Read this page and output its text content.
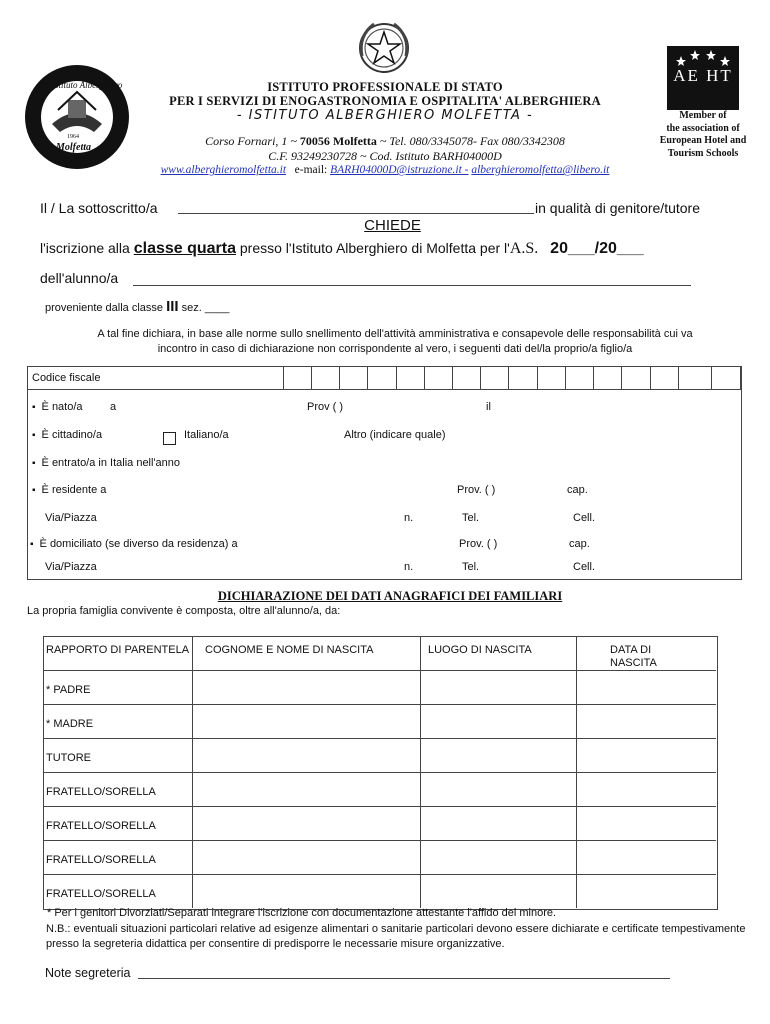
Istituto Alberghiero
Molfetta
1964
AE HT
Member of
the association of
European Hotel and
Tourism Schools
ISTITUTO PROFESSIONALE DI STATO
PER I SERVIZI DI ENOGASTRONOMIA E OSPITALITA' ALBERGHIERA
- ISTITUTO ALBERGHIERO MOLFETTA -
Corso Fornari, 1 ~ 70056 Molfetta ~ Tel. 080/3345078- Fax 080/3342308
C.F. 93249230728 ~ Cod. Istituto BARH04000D
www.alberghieromolfetta.it e-mail: BARH04000D@istruzione.it - alberghieromolfetta@libero.it
Il / La sottoscritto/a	in qualità di genitore/tutore
CHIEDE
l'iscrizione alla classe quarta presso l'Istituto Alberghiero di Molfetta per l'A.S. 20___/20___
dell'alunno/a
proveniente dalla classe III sez. ____
A tal fine dichiara, in base alle norme sullo snellimento dell'attività amministrativa e consapevole delle responsabilità cui va incontro in caso di dichiarazione non corrispondente al vero, i seguenti dati del/la proprio/a figlio/a
Codice fiscale
▪ È nato/a a	Prov ( )	il
▪ È cittadino/a	Italiano/a	Altro (indicare quale)
▪ È entrato/a in Italia nell'anno
▪ È residente a	Prov. ( )	cap.
Via/Piazza	n.	Tel.	Cell.
▪ È domiciliato (se diverso da residenza) a	Prov. ( )	cap.
Via/Piazza	n.	Tel.	Cell.
DICHIARAZIONE DEI DATI ANAGRAFICI DEI FAMILIARI
La propria famiglia convivente è composta, oltre all'alunno/a, da:
RAPPORTO DI PARENTELA COGNOME E NOME DI NASCITA	LUOGO DI NASCITA	DATA DI NASCITA
* PADRE
* MADRE
TUTORE
FRATELLO/SORELLA
FRATELLO/SORELLA
FRATELLO/SORELLA
FRATELLO/SORELLA
* Per i genitori Divorziati/Separati integrare l'iscrizione con documentazione attestante l'affido del minore.
N.B.: eventuali situazioni particolari relative ad esigenze alimentari o sanitarie particolari devono essere dichiarate e certificate tempestivamente presso la segreteria didattica per consentire di predisporre le necessarie misure organizzative.
Note segreteria
